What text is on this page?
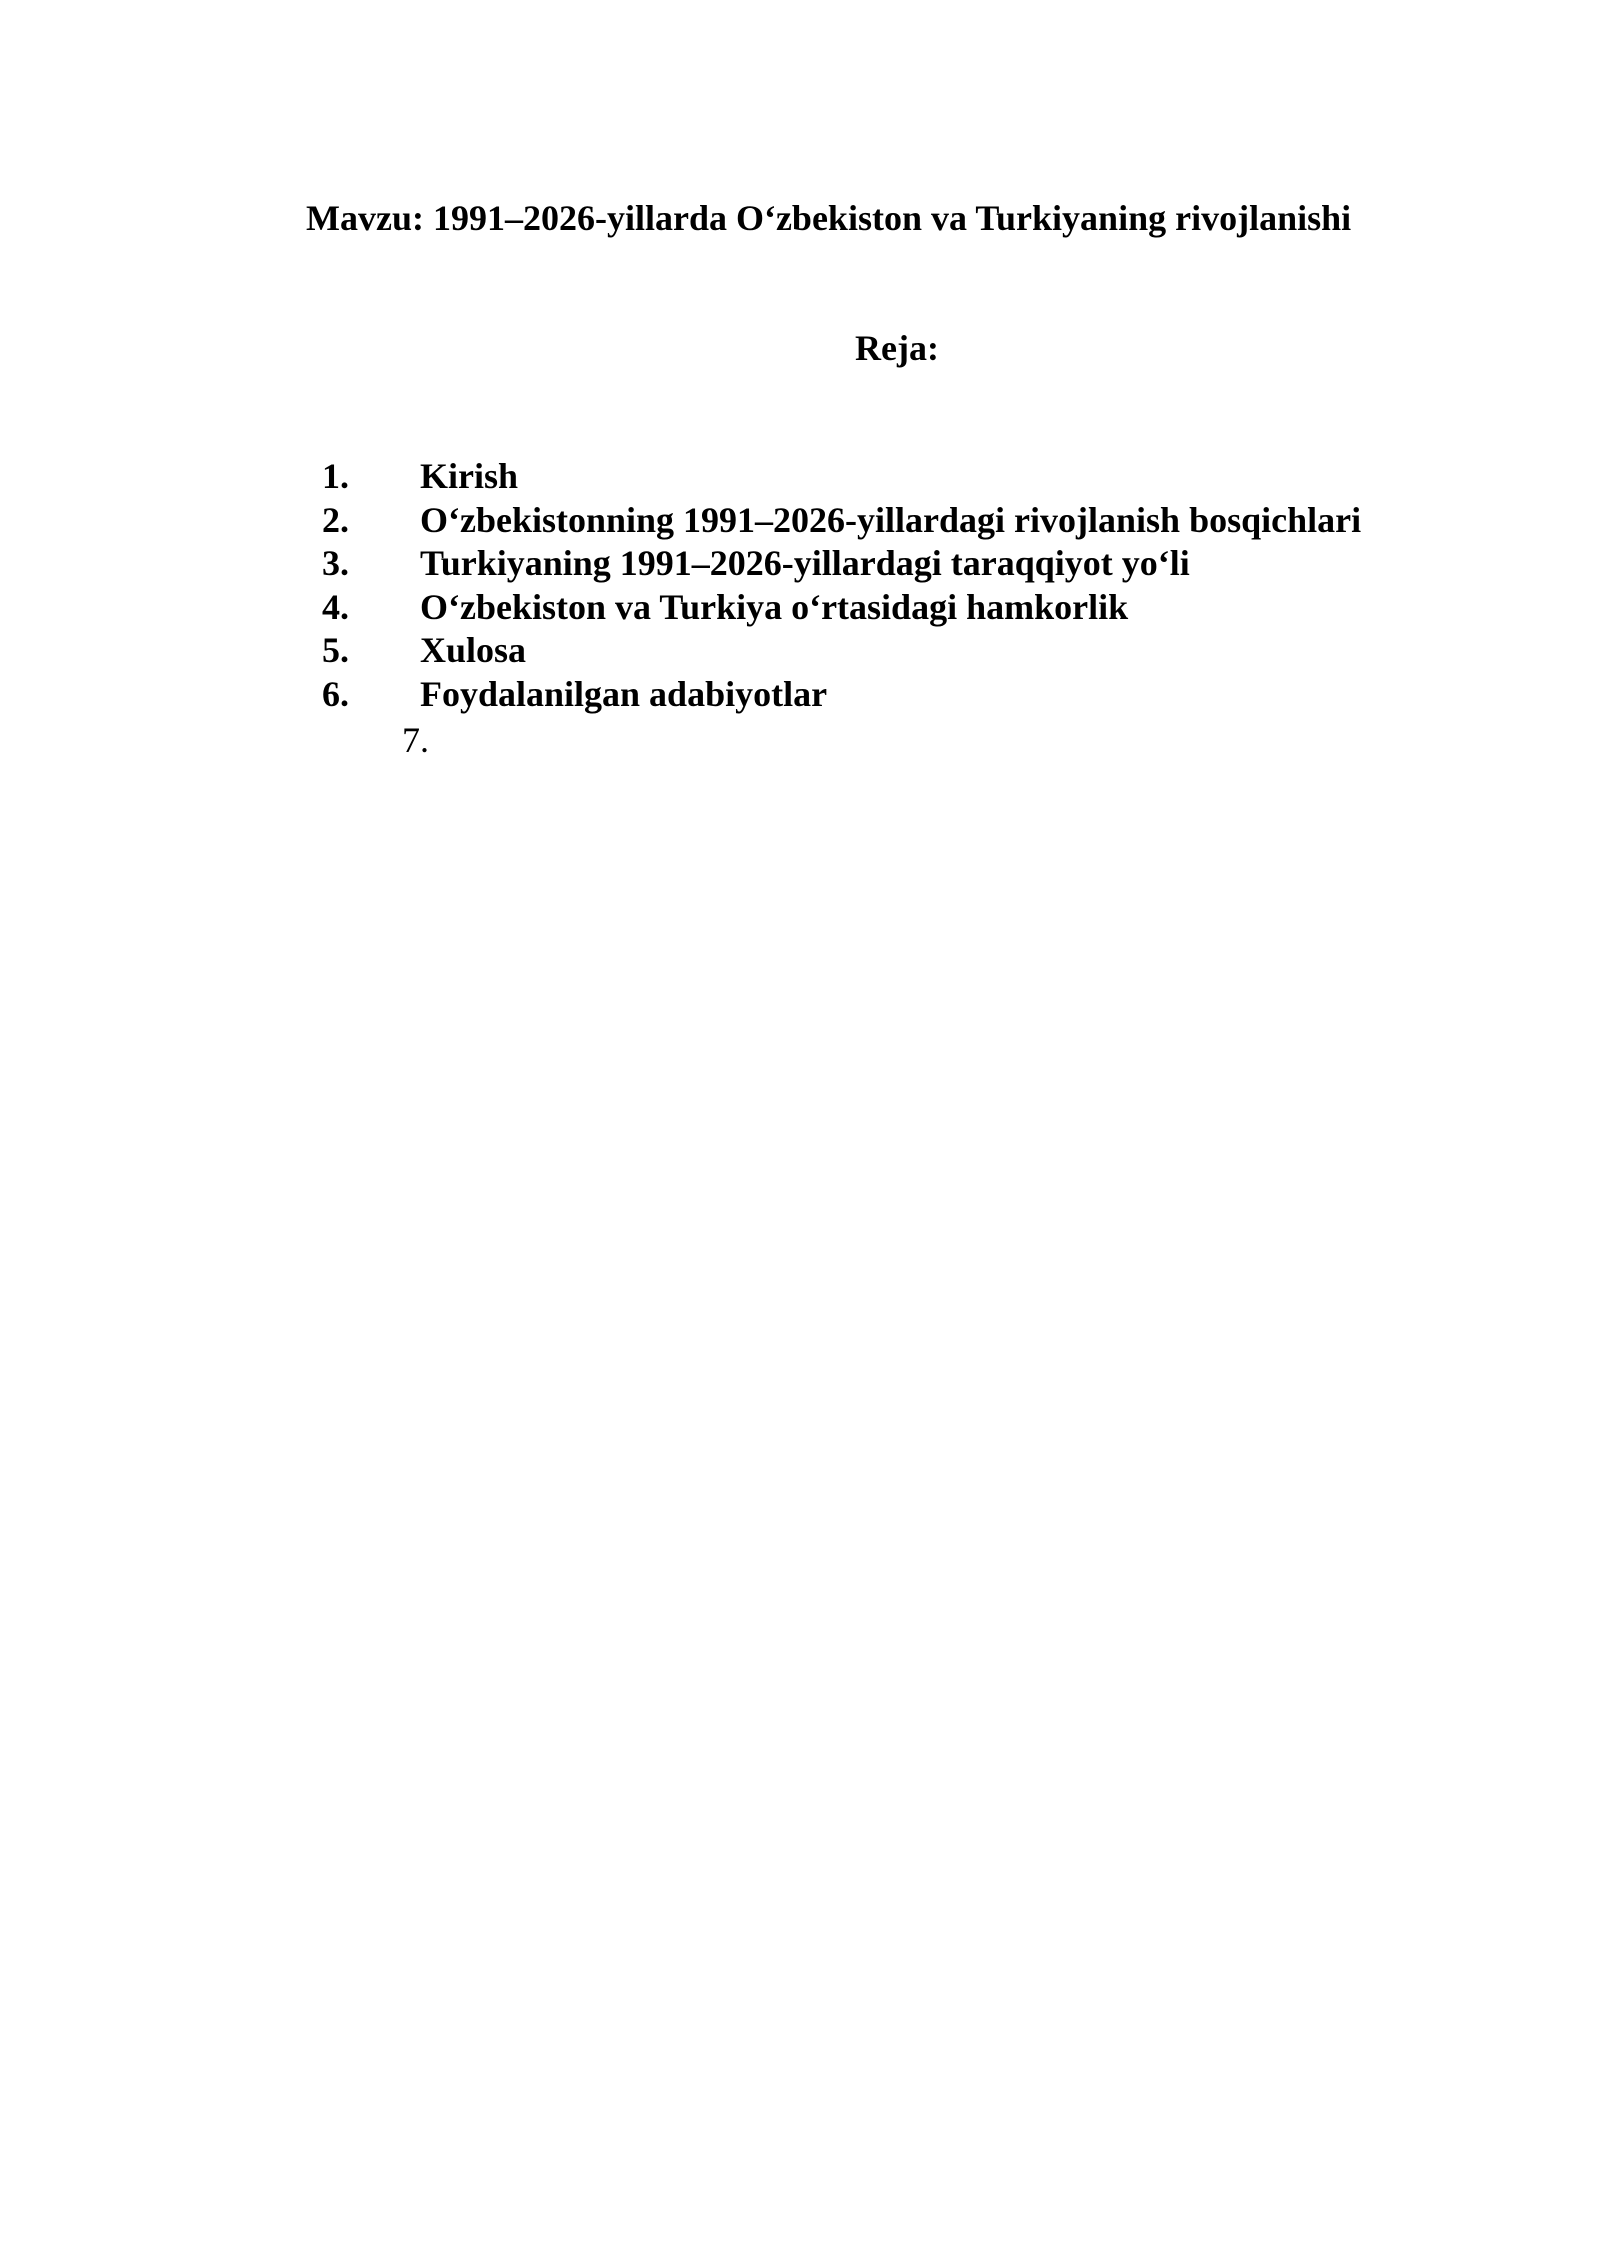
Mavzu: 1991–2026-yillarda O‘zbekiston va Turkiyaning rivojlanishi
Reja:
1.	Kirish
2.	O‘zbekistonning 1991–2026-yillardagi rivojlanish bosqichlari
3.	Turkiyaning 1991–2026-yillardagi taraqqiyot yo‘li
4.	O‘zbekiston va Turkiya o‘rtasidagi hamkorlik
5.	Xulosa
6.	Foydalanilgan adabiyotlar
7.
